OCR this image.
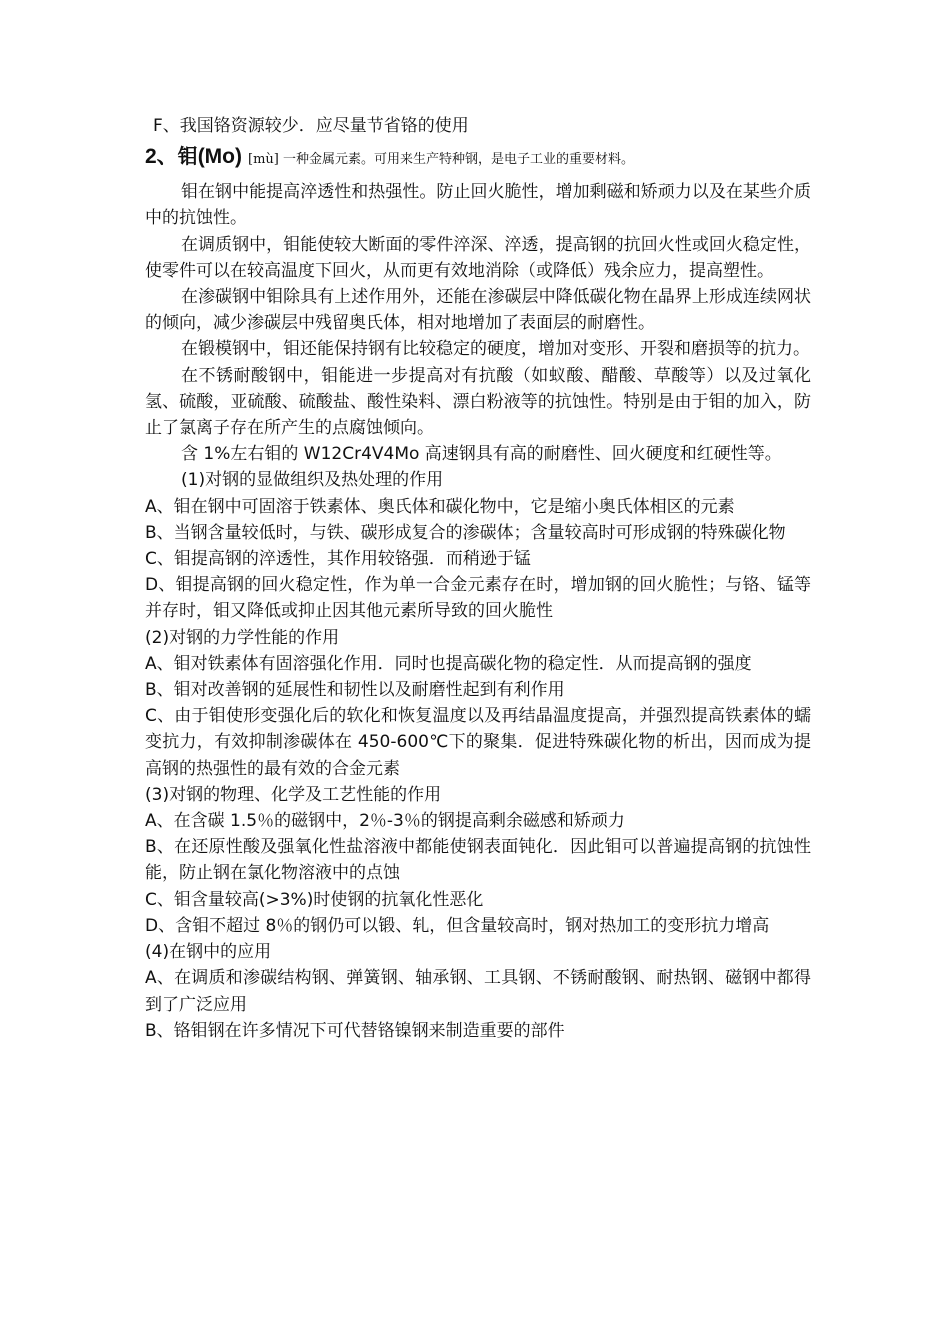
F、我国铬资源较少．应尽量节省铬的使用
2、钼(Mo) [mù] 一种金属元素。可用来生产特种钢，是电子工业的重要材料。
钼在钢中能提高淬透性和热强性。防止回火脆性，增加剩磁和矫顽力以及在某些介质中的抗蚀性。
在调质钢中，钼能使较大断面的零件淬深、淬透，提高钢的抗回火性或回火稳定性，使零件可以在较高温度下回火，从而更有效地消除（或降低）残余应力，提高塑性。
在渗碳钢中钼除具有上述作用外，还能在渗碳层中降低碳化物在晶界上形成连续网状的倾向，减少渗碳层中残留奥氏体，相对地增加了表面层的耐磨性。
在锻模钢中，钼还能保持钢有比较稳定的硬度，增加对变形、开裂和磨损等的抗力。
在不锈耐酸钢中，钼能进一步提高对有抗酸（如蚁酸、醋酸、草酸等）以及过氧化氢、硫酸，亚硫酸、硫酸盐、酸性染料、漂白粉液等的抗蚀性。特别是由于钼的加入，防止了氯离子存在所产生的点腐蚀倾向。
含 1%左右钼的 W12Cr4V4Mo 高速钢具有高的耐磨性、回火硬度和红硬性等。
(1)对钢的显做组织及热处理的作用
A、钼在钢中可固溶于铁素体、奥氏体和碳化物中，它是缩小奥氏体相区的元素
B、当钢含量较低时，与铁、碳形成复合的渗碳体；含量较高时可形成钢的特殊碳化物
C、钼提高钢的淬透性，其作用较铬强．而稍逊于锰
D、钼提高钢的回火稳定性，作为单一合金元素存在时，增加钢的回火脆性；与铬、锰等并存时，钼又降低或抑止因其他元素所导致的回火脆性
(2)对钢的力学性能的作用
A、钼对铁素体有固溶强化作用．同时也提高碳化物的稳定性．从而提高钢的强度
B、钼对改善钢的延展性和韧性以及耐磨性起到有利作用
C、由于钼使形变强化后的软化和恢复温度以及再结晶温度提高，并强烈提高铁素体的蠕变抗力，有效抑制渗碳体在 450-600℃下的聚集．促进特殊碳化物的析出，因而成为提高钢的热强性的最有效的合金元素
(3)对钢的物理、化学及工艺性能的作用
A、在含碳 1.5％的磁钢中，2％-3％的钢提高剩余磁感和矫顽力
B、在还原性酸及强氧化性盐溶液中都能使钢表面钝化．因此钼可以普遍提高钢的抗蚀性能，防止钢在氯化物溶液中的点蚀
C、钼含量较高(>3%)时使钢的抗氧化性恶化
D、含钼不超过 8％的钢仍可以锻、轧，但含量较高时，钢对热加工的变形抗力增高
(4)在钢中的应用
A、在调质和渗碳结构钢、弹簧钢、轴承钢、工具钢、不锈耐酸钢、耐热钢、磁钢中都得到了广泛应用
B、铬钼钢在许多情况下可代替铬镍钢来制造重要的部件
